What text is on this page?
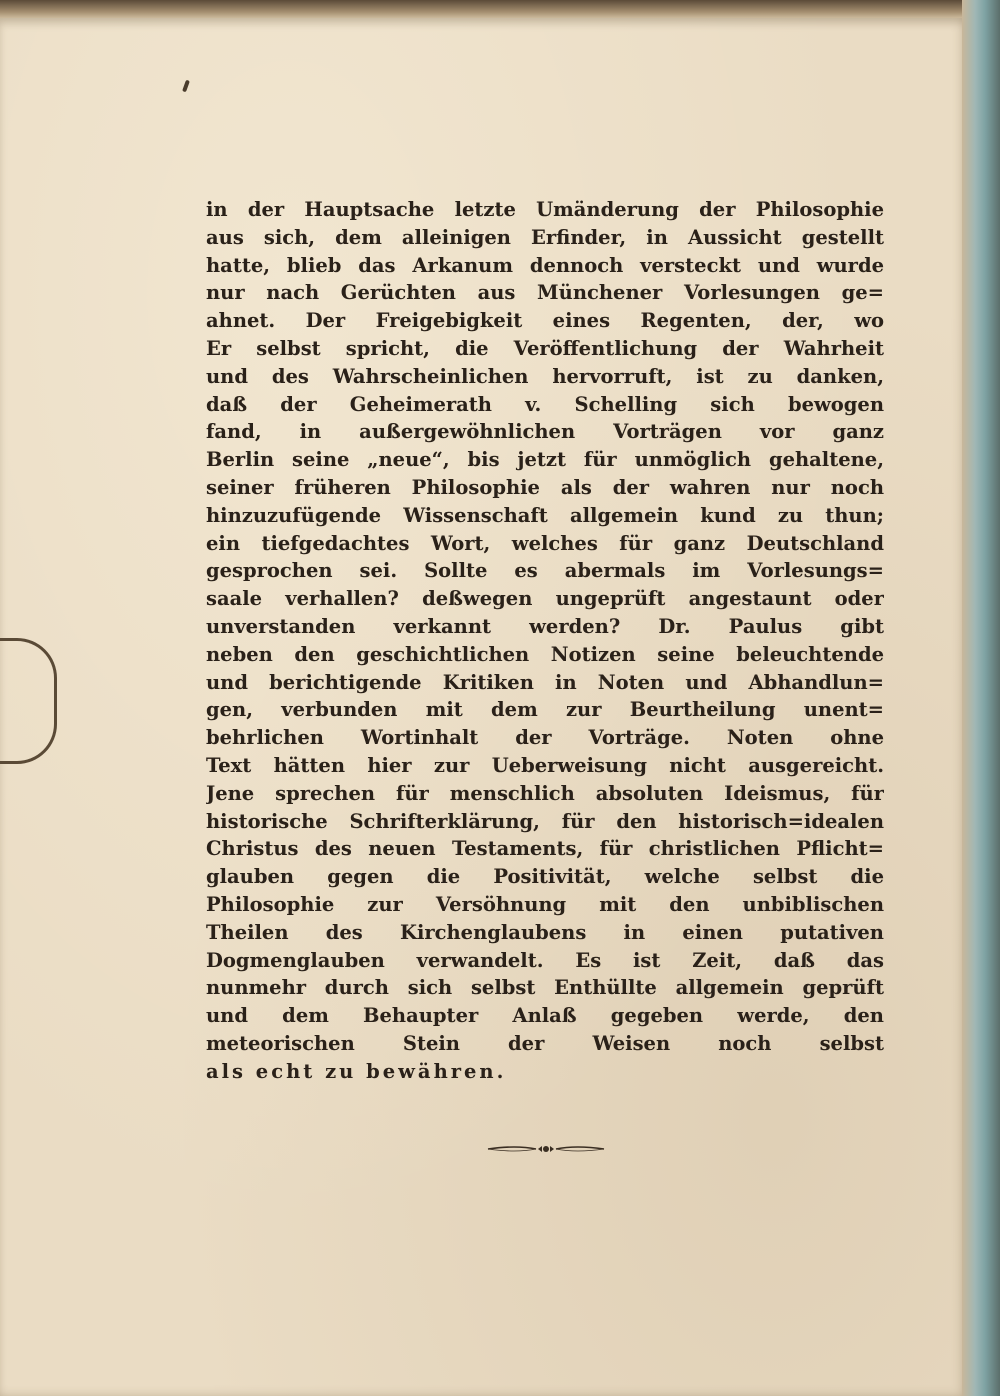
in der Hauptsache letzte Umänderung der Philosophie
aus sich, dem alleinigen Erfinder, in Aussicht gestellt
hatte, blieb das Arkanum dennoch versteckt und wurde
nur nach Gerüchten aus Münchener Vorlesungen ge=
ahnet. Der Freigebigkeit eines Regenten, der, wo
Er selbst spricht, die Veröffentlichung der Wahrheit
und des Wahrscheinlichen hervorruft, ist zu danken,
daß der Geheimerath v. Schelling sich bewogen
fand, in außergewöhnlichen Vorträgen vor ganz
Berlin seine „neue“, bis jetzt für unmöglich gehaltene,
seiner früheren Philosophie als der wahren nur noch
hinzuzufügende Wissenschaft allgemein kund zu thun;
ein tiefgedachtes Wort, welches für ganz Deutschland
gesprochen sei. Sollte es abermals im Vorlesungs=
saale verhallen? deßwegen ungeprüft angestaunt oder
unverstanden verkannt werden? Dr. Paulus gibt
neben den geschichtlichen Notizen seine beleuchtende
und berichtigende Kritiken in Noten und Abhandlun=
gen, verbunden mit dem zur Beurtheilung unent=
behrlichen Wortinhalt der Vorträge. Noten ohne
Text hätten hier zur Ueberweisung nicht ausgereicht.
Jene sprechen für menschlich absoluten Ideismus, für
historische Schrifterklärung, für den historisch=idealen
Christus des neuen Testaments, für christlichen Pflicht=
glauben gegen die Positivität, welche selbst die
Philosophie zur Versöhnung mit den unbiblischen
Theilen des Kirchenglaubens in einen putativen
Dogmenglauben verwandelt. Es ist Zeit, daß das
nunmehr durch sich selbst Enthüllte allgemein geprüft
und dem Behaupter Anlaß gegeben werde, den
meteorischen Stein der Weisen noch selbst
als echt zu bewähren.
